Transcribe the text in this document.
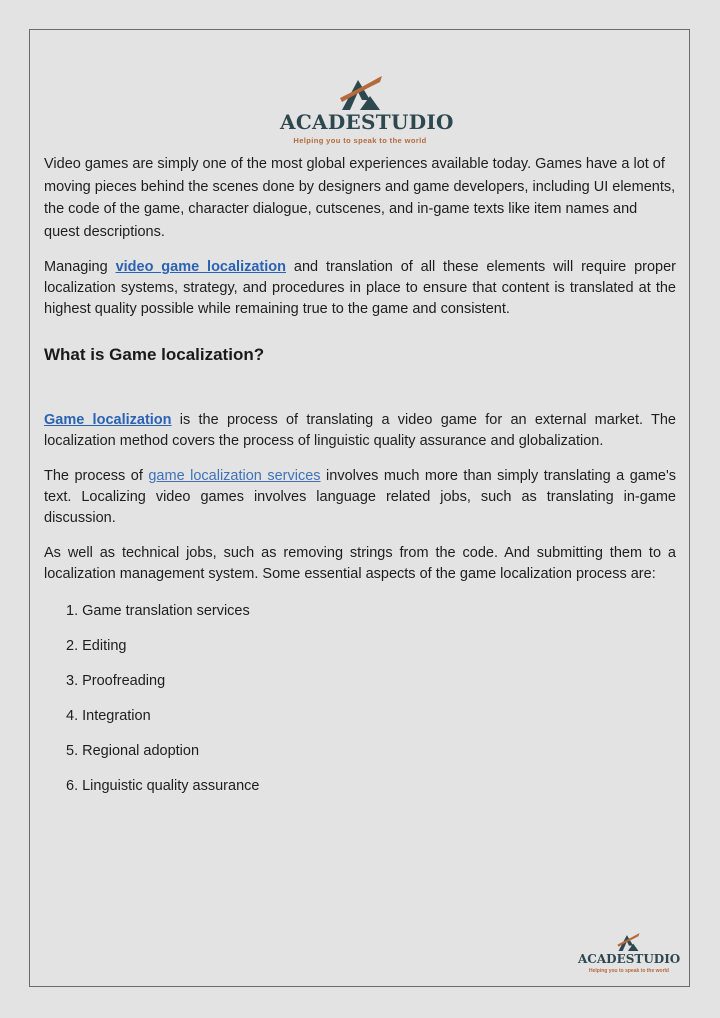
ACADESTUDIO
Helping you to speak to the world

Video games are simply one of the most global experiences available today. Games have a lot of moving pieces behind the scenes done by designers and game developers, including UI elements, the code of the game, character dialogue, cutscenes, and in-game texts like item names and quest descriptions.

Managing video game localization and translation of all these elements will require proper localization systems, strategy, and procedures in place to ensure that content is translated at the highest quality possible while remaining true to the game and consistent.

What is Game localization?

Game localization is the process of translating a video game for an external market. The localization method covers the process of linguistic quality assurance and globalization.

The process of game localization services involves much more than simply translating a game's text. Localizing video games involves language related jobs, such as translating in-game discussion.

As well as technical jobs, such as removing strings from the code. And submitting them to a localization management system. Some essential aspects of the game localization process are:

1. Game translation services
2. Editing
3. Proofreading
4. Integration
5. Regional adoption
6. Linguistic quality assurance
ACADESTUDIO
Helping you to speak to the world
